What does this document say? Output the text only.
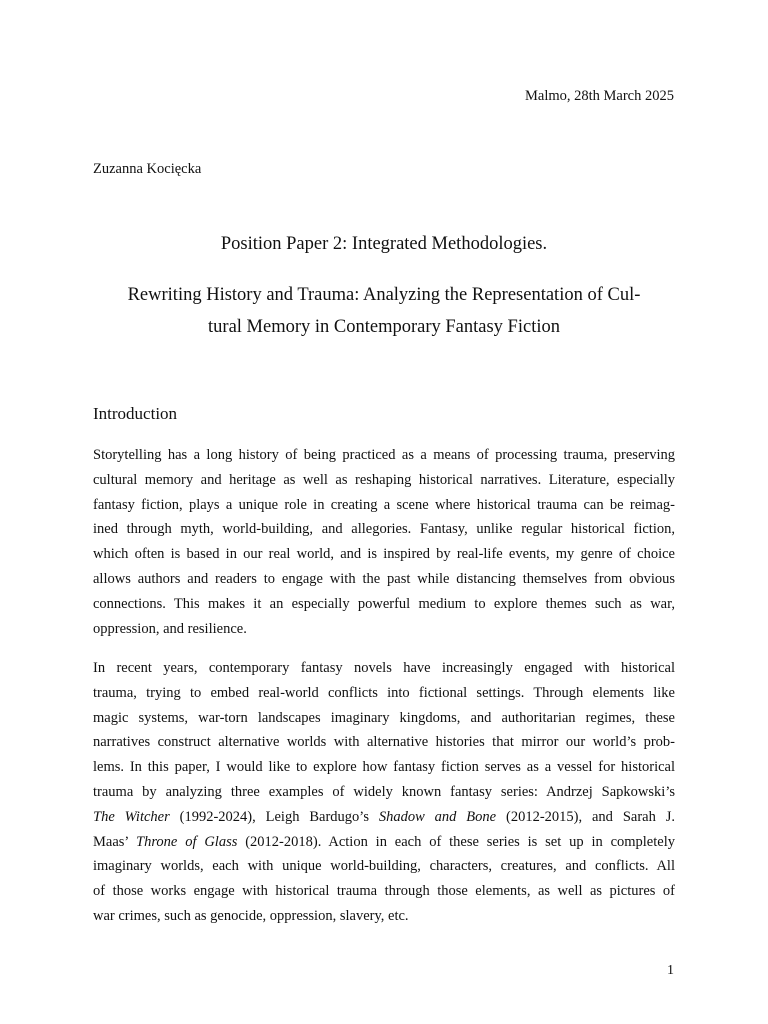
Malmo, 28th March 2025
Zuzanna Kocięcka
Position Paper 2: Integrated Methodologies.
Rewriting History and Trauma: Analyzing the Representation of Cul-
tural Memory in Contemporary Fantasy Fiction
Introduction
Storytelling has a long history of being practiced as a means of processing trauma, preserving
cultural memory and heritage as well as reshaping historical narratives. Literature, especially
fantasy fiction, plays a unique role in creating a scene where historical trauma can be reimag-
ined through myth, world-building, and allegories. Fantasy, unlike regular historical fiction,
which often is based in our real world, and is inspired by real-life events, my genre of choice
allows authors and readers to engage with the past while distancing themselves from obvious
connections. This makes it an especially powerful medium to explore themes such as war,
oppression, and resilience.
In recent years, contemporary fantasy novels have increasingly engaged with historical
trauma, trying to embed real-world conflicts into fictional settings. Through elements like
magic systems, war-torn landscapes imaginary kingdoms, and authoritarian regimes, these
narratives construct alternative worlds with alternative histories that mirror our world’s prob-
lems. In this paper, I would like to explore how fantasy fiction serves as a vessel for historical
trauma by analyzing three examples of widely known fantasy series: Andrzej Sapkowski’s
The Witcher (1992-2024), Leigh Bardugo’s Shadow and Bone (2012-2015), and Sarah J.
Maas’ Throne of Glass (2012-2018). Action in each of these series is set up in completely
imaginary worlds, each with unique world-building, characters, creatures, and conflicts. All
of those works engage with historical trauma through those elements, as well as pictures of
war crimes, such as genocide, oppression, slavery, etc.
1
